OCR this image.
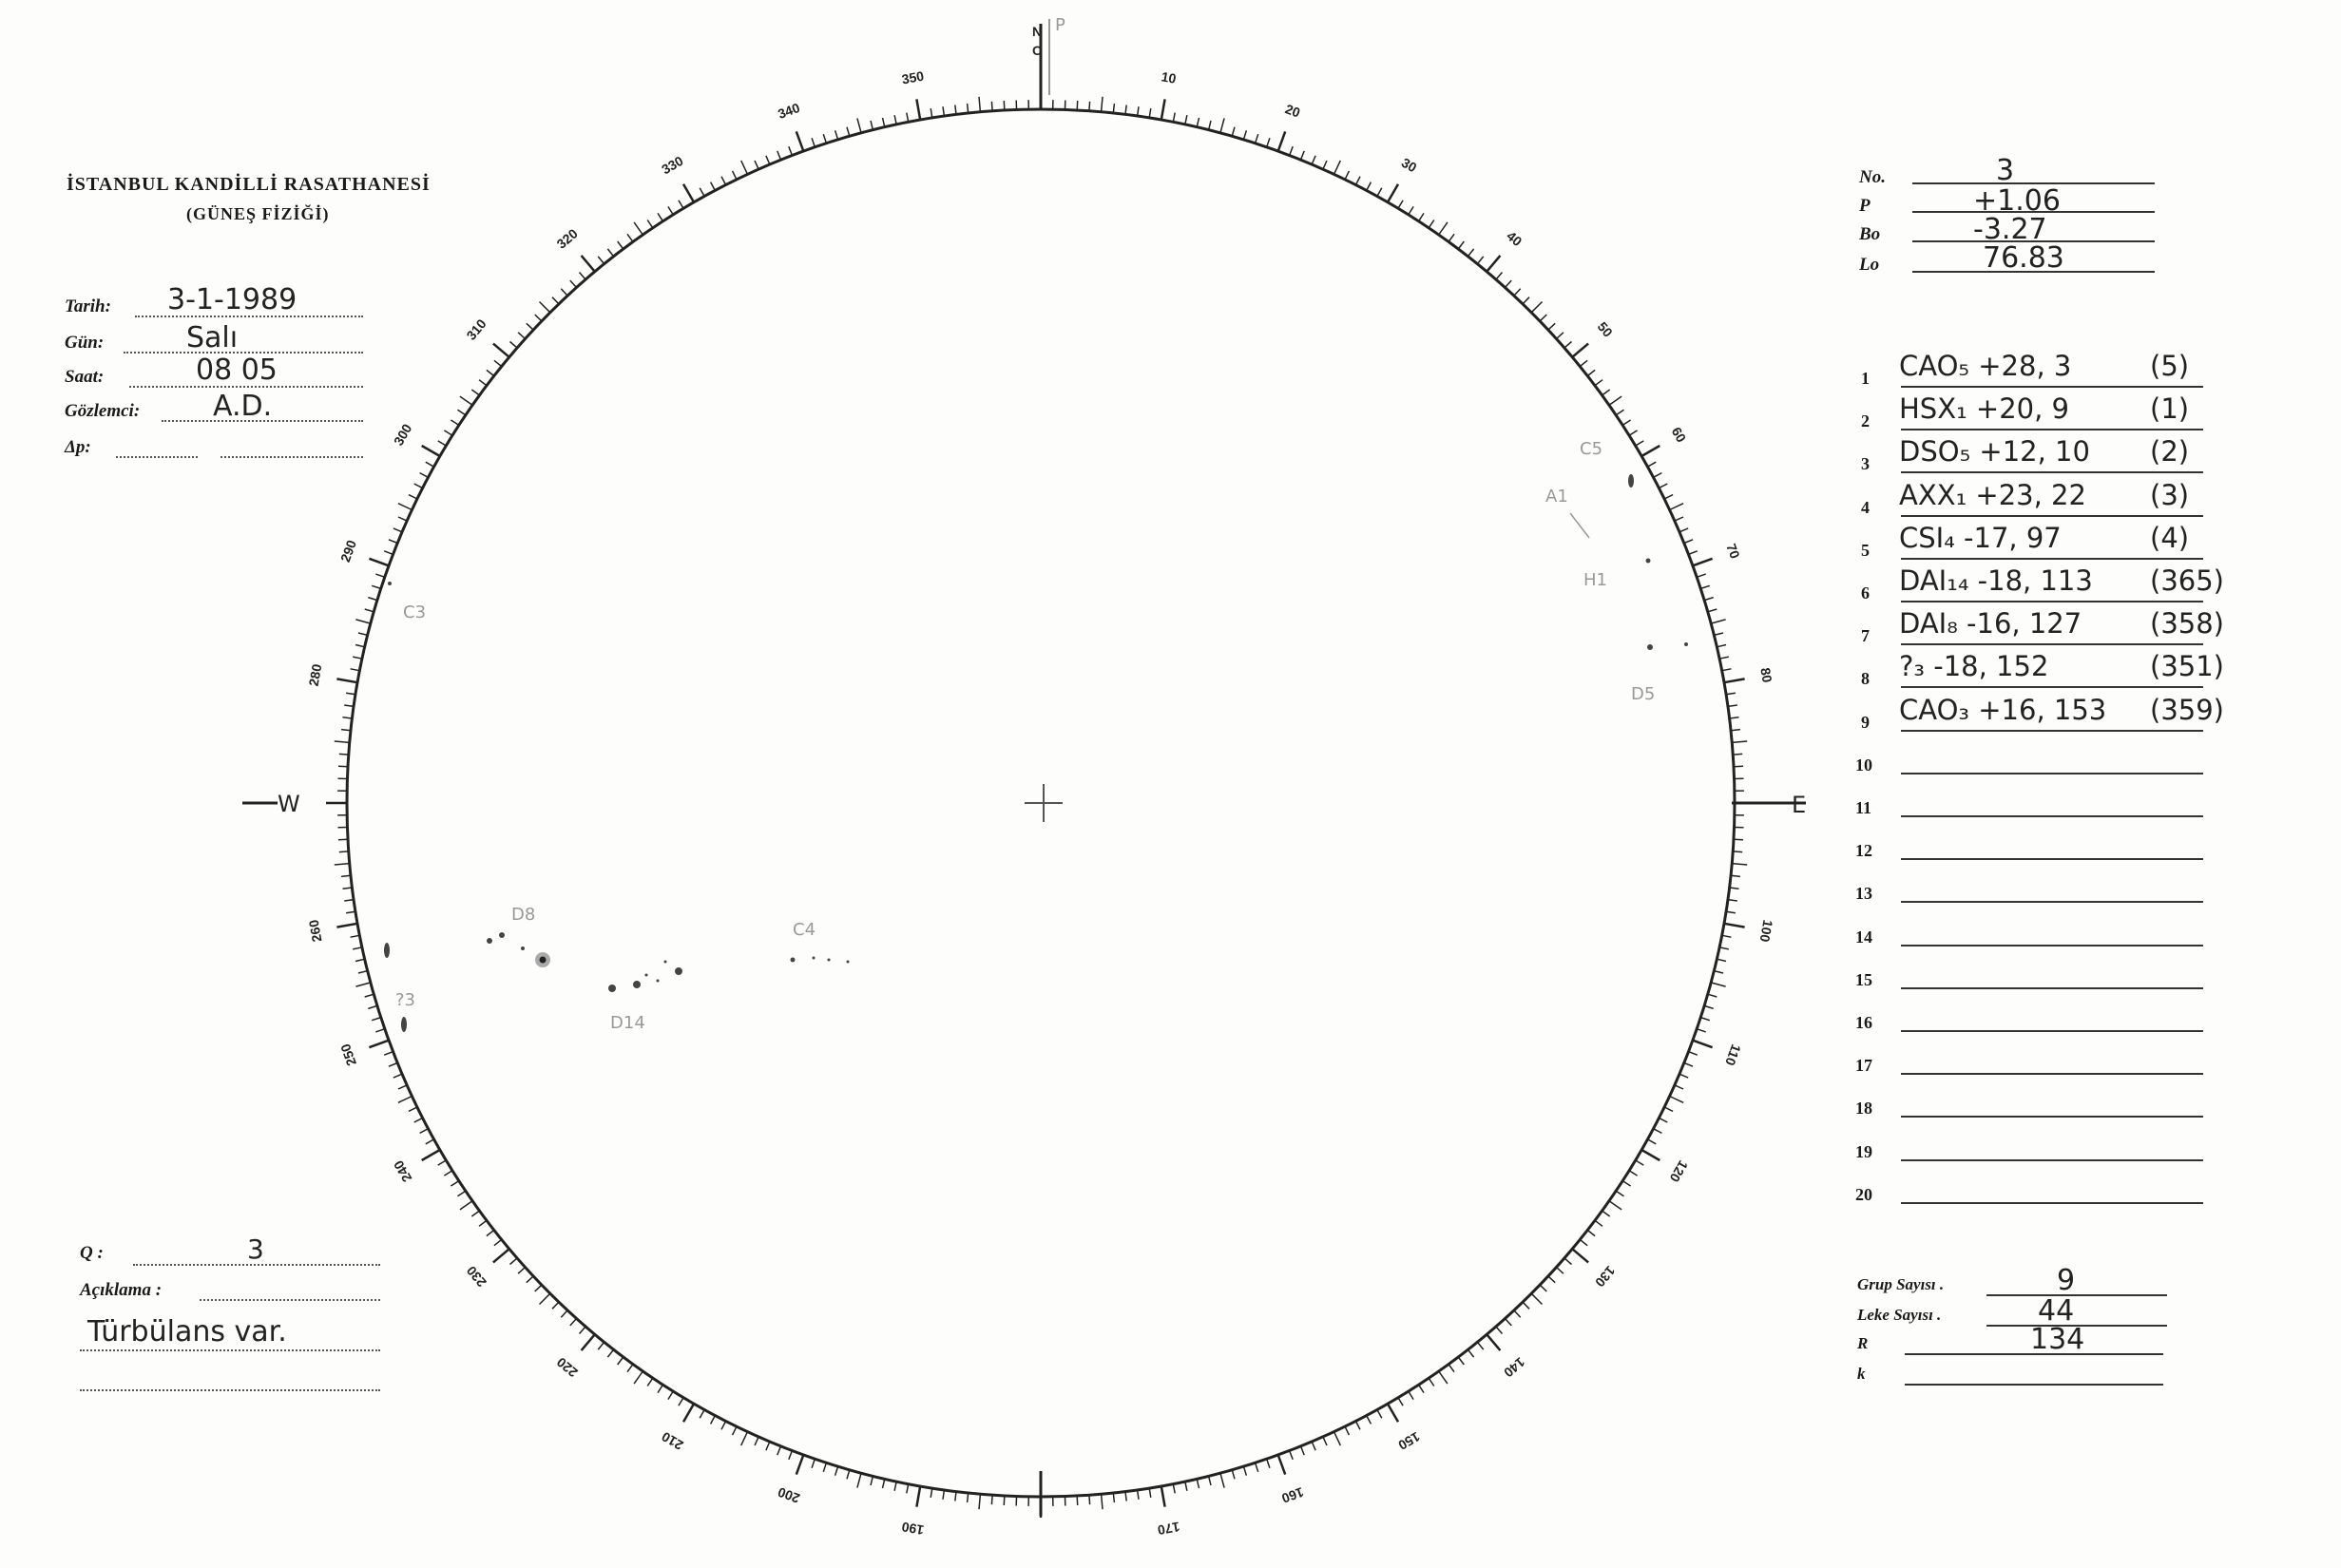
İSTANBUL KANDİLLİ RASATHANESİ
(GÜNEŞ FİZİĞİ)
Tarih: 3-1-1989
Gün:	Salı
Saat:	08 05
Gözlemci:	A.D.
Δp:
No.	3
P	+1.06
Bo	-3.27
Lo	76.83
1 CAO₅ +28, 3	(5)
2 HSX₁ +20, 9	(1)
3 DSO₅ +12, 10 (2)
4 AXX₁ +23, 22 (3)
5 CSI₄ -17, 97	(4)
6 DAI₁₄ -18, 113 (365)
7 DAI₈ -16, 127 (358)
8 ?₃ -18, 152	(351)
9 CAO₃ +16, 153 (359)
10
11
12
13
14
15
16
17
18
19
20
Q :	3
Açıklama :
Türbülans var.
Grup Sayısı .	9
Leke Sayısı .	44
R	134
k
10
20
30
40
50
60
70
80
100
110
120
130
140
150
160
170
190
200
210
220
230
240
250
260
280
290
300
310
320
330
340
350
N
O
P
E
W
C5
A1
H1
D5
C3
D8
D14
C4
?3
